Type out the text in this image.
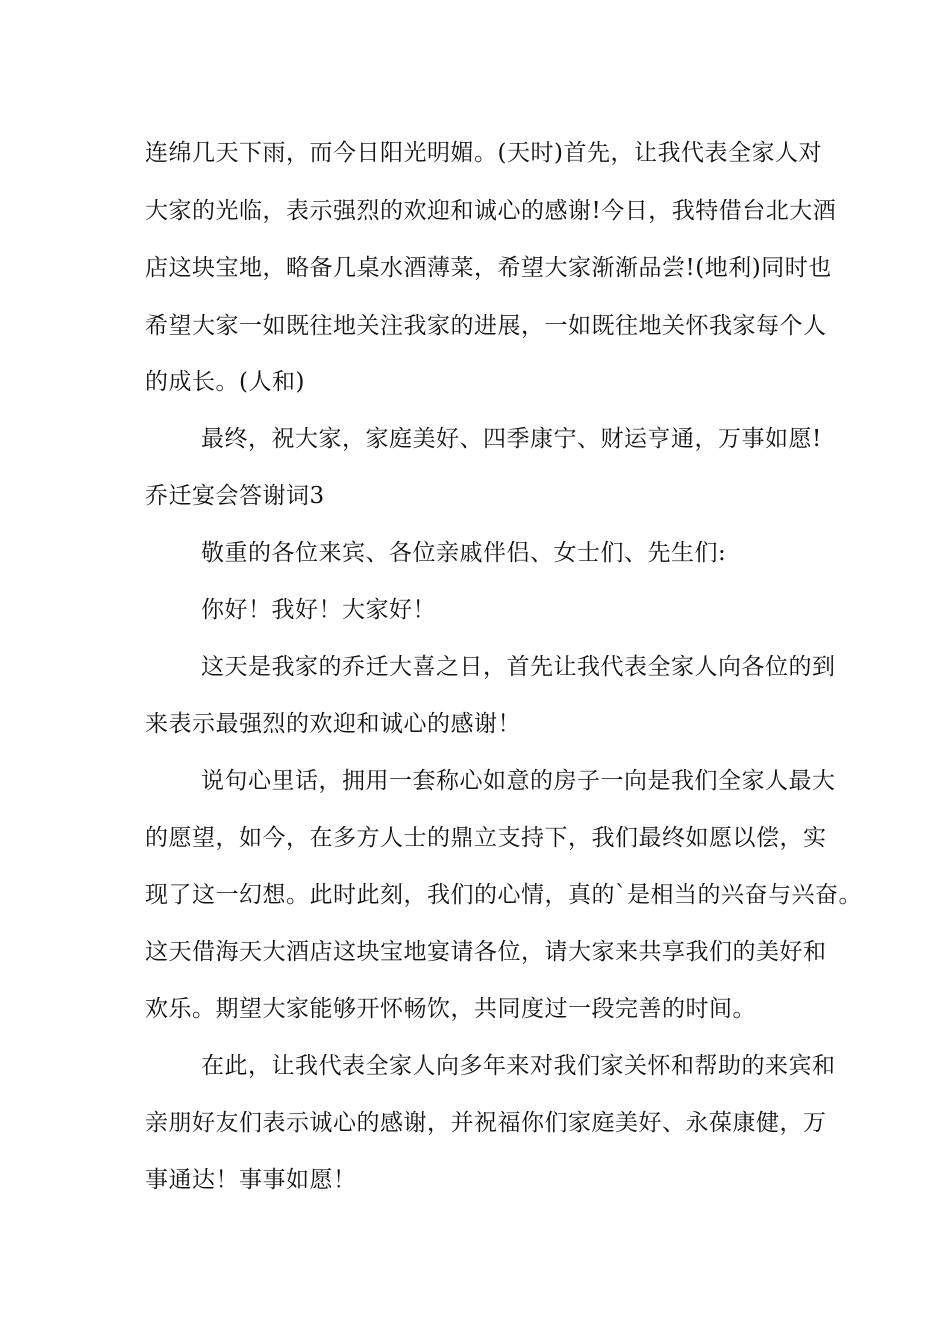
连绵几天下雨，而今日阳光明媚。(天时)首先，让我代表全家人对
大家的光临，表示强烈的欢迎和诚心的感谢!今日，我特借台北大酒
店这块宝地，略备几桌水酒薄菜，希望大家渐渐品尝!(地利)同时也
希望大家一如既往地关注我家的进展，一如既往地关怀我家每个人
的成长。(人和)
最终，祝大家，家庭美好、四季康宁、财运亨通，万事如愿!
乔迁宴会答谢词3
敬重的各位来宾、各位亲戚伴侣、女士们、先生们:
你好！我好！大家好！
这天是我家的乔迁大喜之日，首先让我代表全家人向各位的到
来表示最强烈的欢迎和诚心的感谢！
说句心里话，拥用一套称心如意的房子一向是我们全家人最大
的愿望，如今，在多方人士的鼎立支持下，我们最终如愿以偿，实
现了这一幻想。此时此刻，我们的心情，真的`是相当的兴奋与兴奋。
这天借海天大酒店这块宝地宴请各位，请大家来共享我们的美好和
欢乐。期望大家能够开怀畅饮，共同度过一段完善的时间。
在此，让我代表全家人向多年来对我们家关怀和帮助的来宾和
亲朋好友们表示诚心的感谢，并祝福你们家庭美好、永葆康健，万
事通达！事事如愿！
